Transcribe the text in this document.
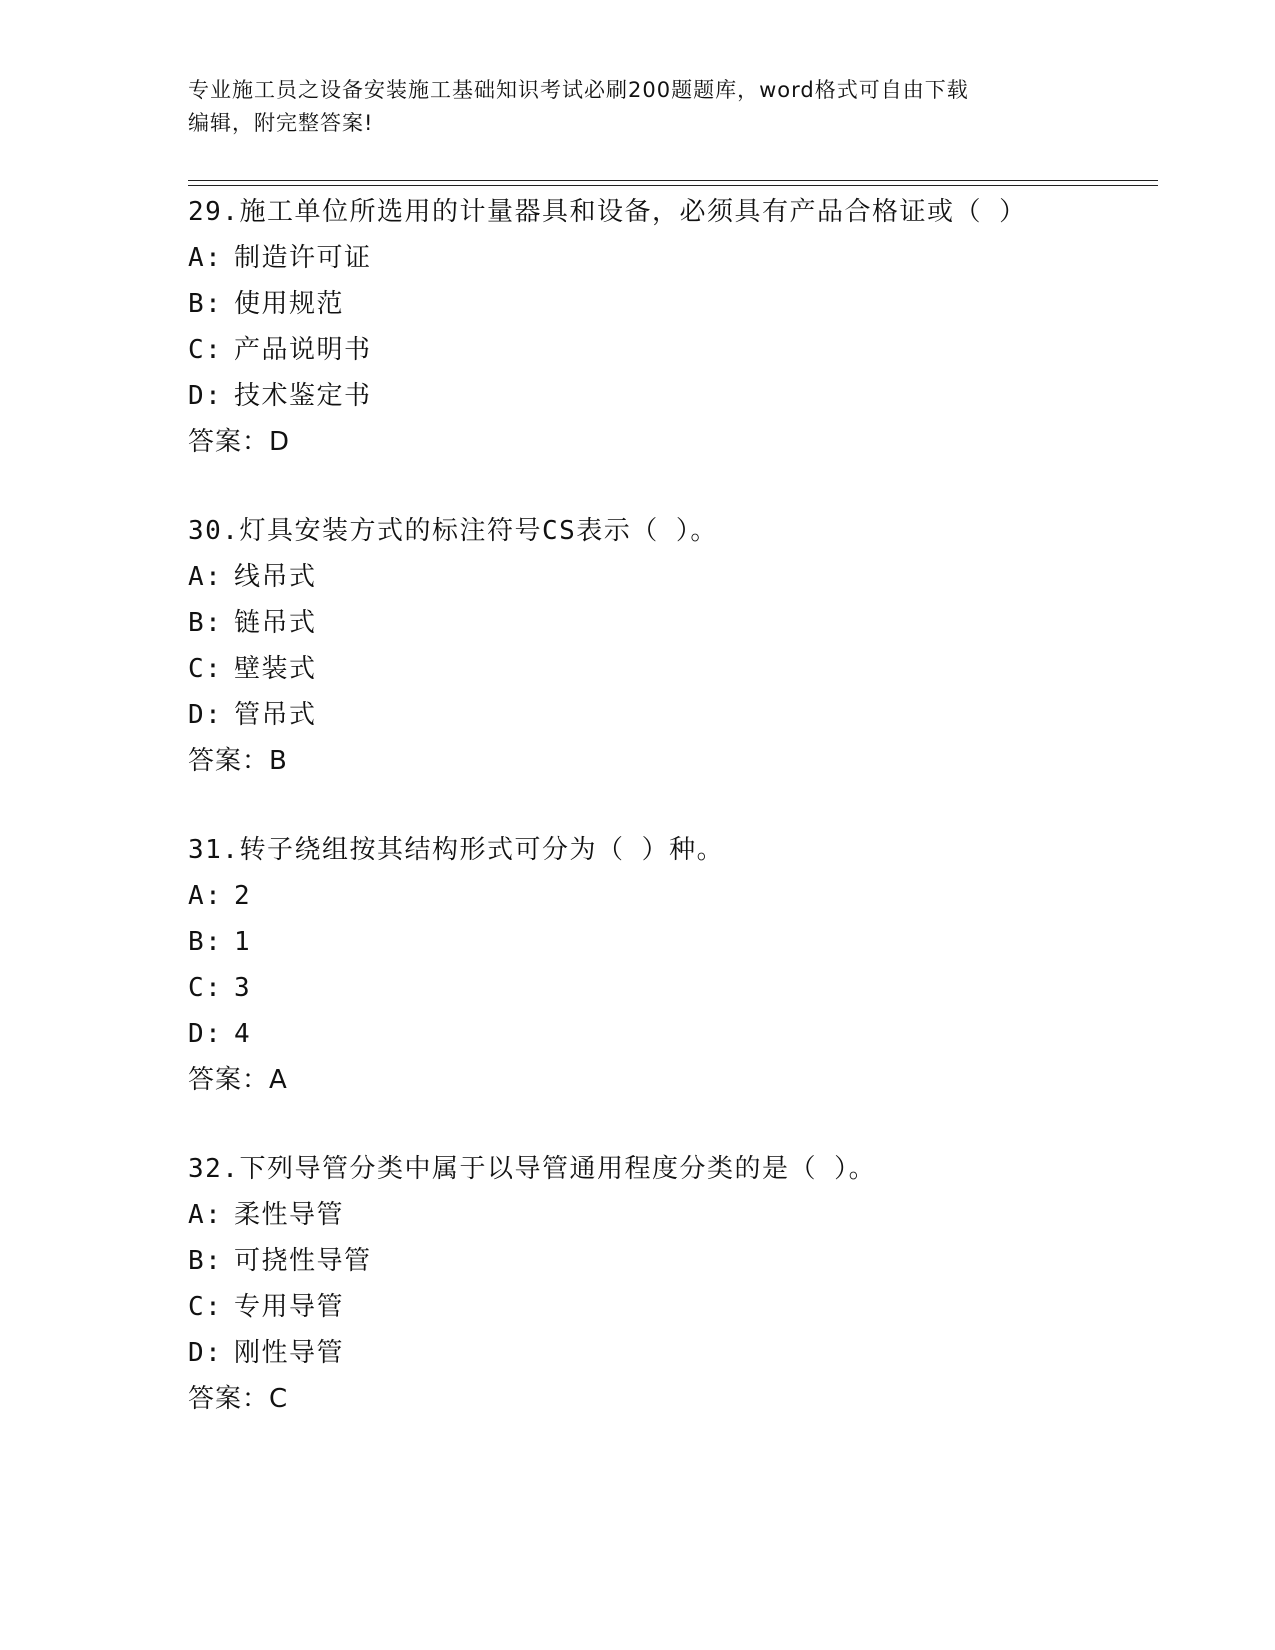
专业施工员之设备安装施工基础知识考试必刷200题题库，word格式可自由下载
编辑，附完整答案!
29.施工单位所选用的计量器具和设备，必须具有产品合格证或（ ）
A: 制造许可证
B: 使用规范
C: 产品说明书
D: 技术鉴定书
答案：D
30.灯具安装方式的标注符号CS表示（ ）。
A: 线吊式
B: 链吊式
C: 壁装式
D: 管吊式
答案：B
31.转子绕组按其结构形式可分为（ ）种。
A: 2
B: 1
C: 3
D: 4
答案：A
32.下列导管分类中属于以导管通用程度分类的是（ ）。
A: 柔性导管
B: 可挠性导管
C: 专用导管
D: 刚性导管
答案：C
